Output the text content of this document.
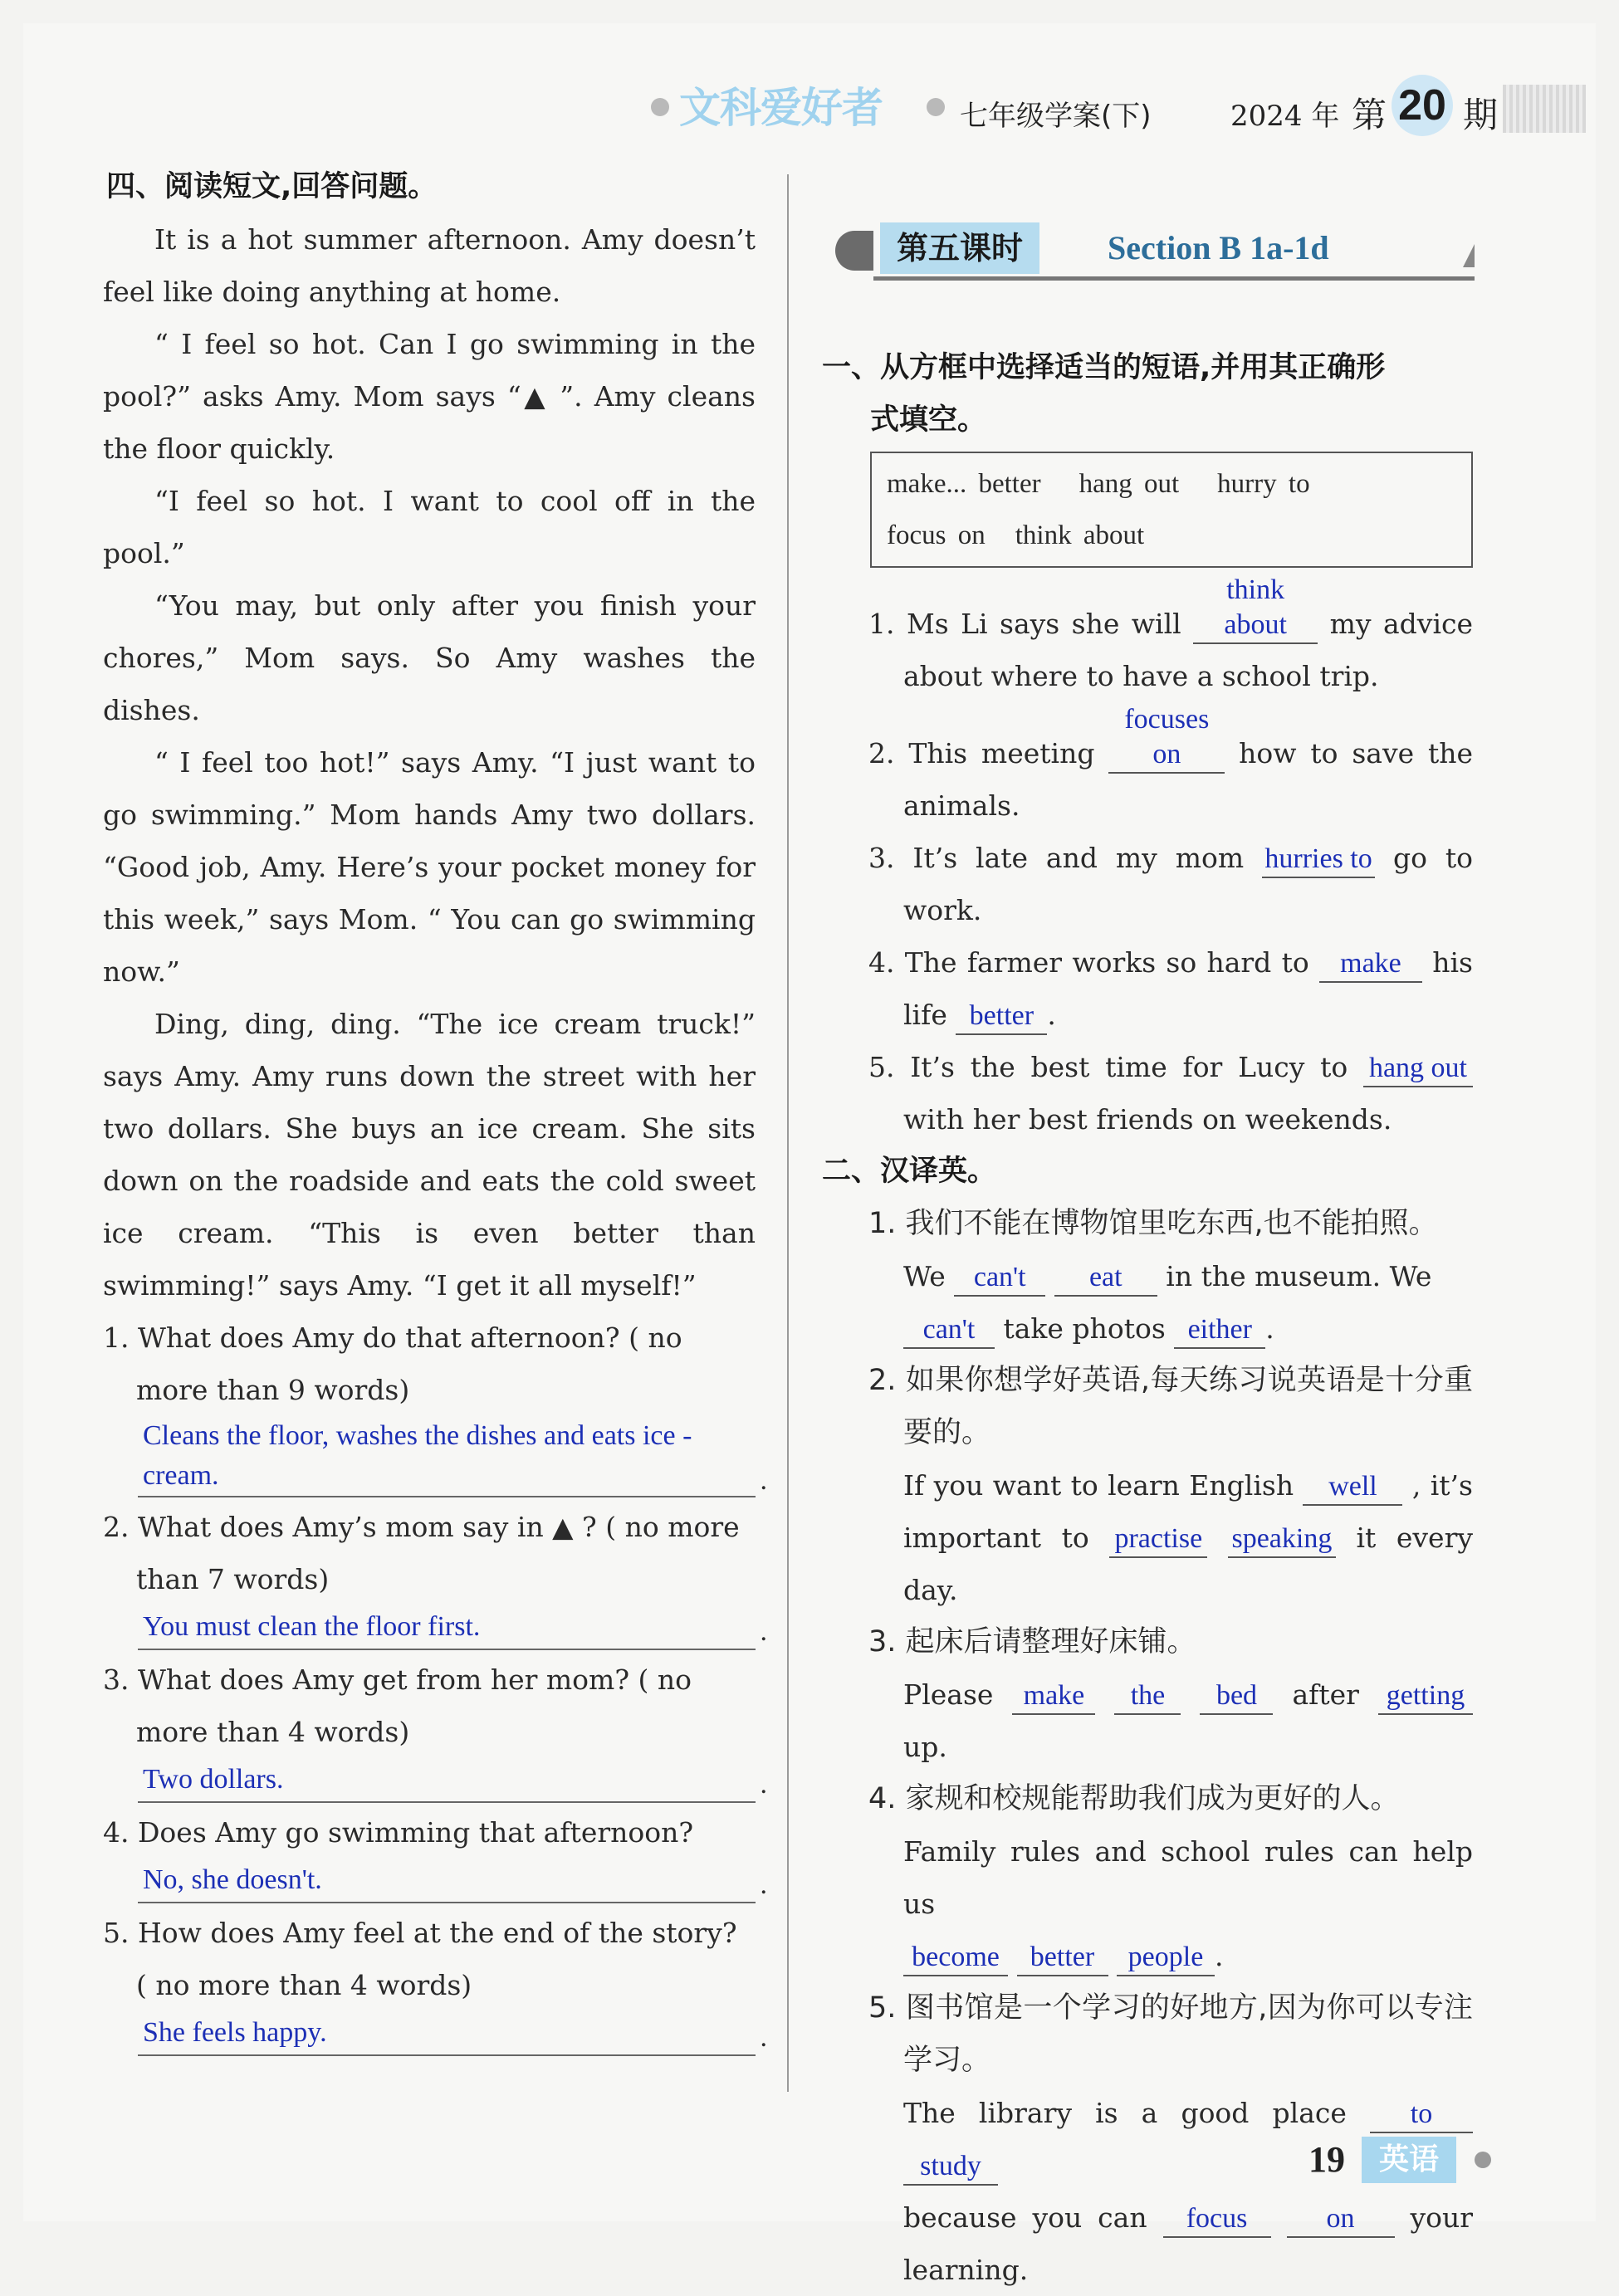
文科爱好者	七年级学案(下)	2024 年 第 20 期
四、阅读短文,回答问题。

It is a hot summer afternoon. Amy doesn’t feel like doing anything at home.

“ I feel so hot. Can I go swimming in the pool?” asks Amy. Mom says “▲ ”. Amy cleans the floor quickly.

“I feel so hot. I want to cool off in the pool.”

“You may, but only after you finish your chores,” Mom says. So Amy washes the dishes.

“ I feel too hot!” says Amy. “I just want to go swimming.” Mom hands Amy two dollars. “Good job, Amy. Here’s your pocket money for this week,” says Mom. “ You can go swimming now.”

Ding, ding, ding. “The ice cream truck!” says Amy. Amy runs down the street with her two dollars. She buys an ice cream. She sits down on the roadside and eats the cold sweet ice cream. “This is even better than swimming!” says Amy. “I get it all myself!”

1. What does Amy do that afternoon? ( no more than 9 words)

Cleans the floor, washes the dishes and eats ice - cream.	.

2. What does Amy’s mom say in ▲ ? ( no more than 7 words)

You must clean the floor first.	.

3. What does Amy get from her mom? ( no more than 4 words)

Two dollars.	.

4. Does Amy go swimming that afternoon?

No, she doesn't.	.

5. How does Amy feel at the end of the story? ( no more than 4 words)

She feels happy.	.
第五课时	Section B 1a-1d
一、从方框中选择适当的短语,并用其正确形
式填空。
make... better hang out hurry to
focus on think about

1. Ms Li says she will think about my advice about where to have a school trip.

2. This meeting focuses on how to save the animals.

3. It’s late and my mom hurries to go to work.

4. The farmer works so hard to make his life better .

5. It’s the best time for Lucy to hang out with her best friends on weekends.

二、汉译英。

1. 我们不能在博物馆里吃东西,也不能拍照。

We can't eat in the museum. We
can't take photos either .

2. 如果你想学好英语,每天练习说英语是十分重要的。

If you want to learn English well , it’s important to practise speaking it every day.

3. 起床后请整理好床铺。

Please make the bed after getting up.

4. 家规和校规能帮助我们成为更好的人。

Family rules and school rules can help us
become better people .

5. 图书馆是一个学习的好地方,因为你可以专注学习。

The library is a good place to study
because you can focus	on your learning.

19	英语
